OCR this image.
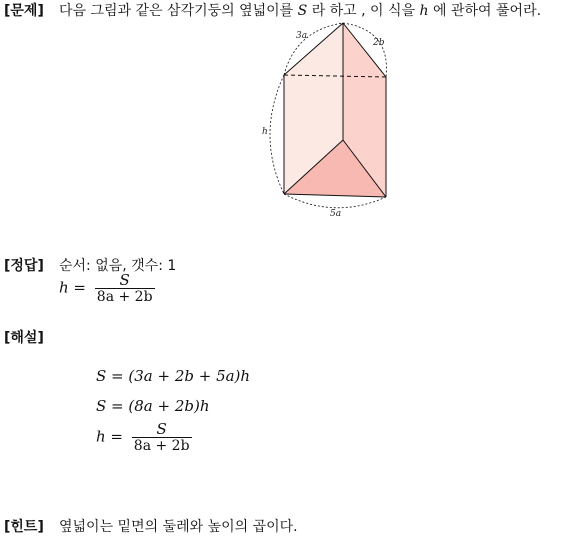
[문제] 다음 그림과 같은 삼각기둥의 옆넓이를 S 라 하고 , 이 식을 h 에 관하여 풀어라.
3a
2b
h
5a
[정답] 순서: 없음, 갯수: 1
$h = \frac{S}{8a + 2b}$
[해설]
S = (3a + 2b + 5a)h
S = (8a + 2b)h
$h = \frac{S}{8a + 2b}$
[힌트] 옆넓이는 밑면의 둘레와 높이의 곱이다.
